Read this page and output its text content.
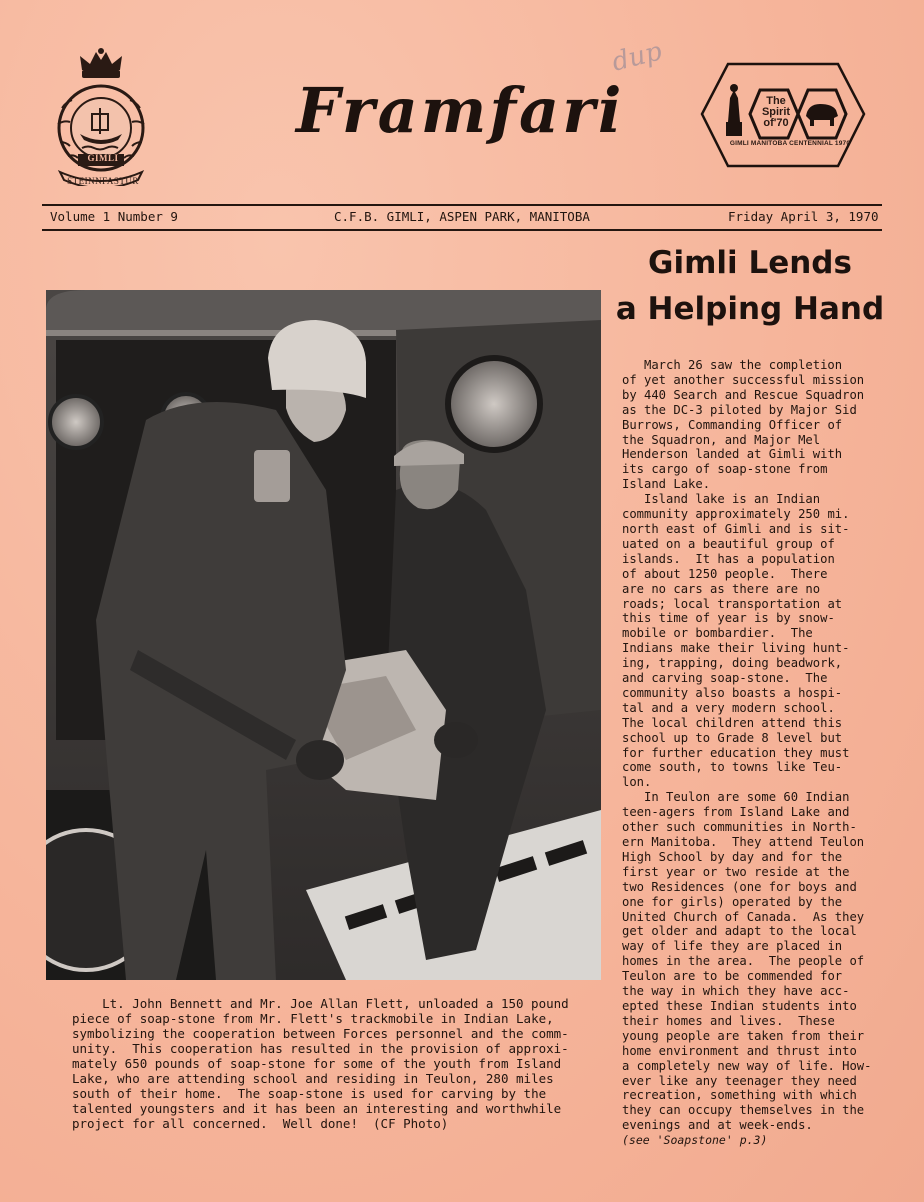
GIMLI
STEINNFASTUR
Framfari
dup
The
Spirit
of'70
GIMLI MANITOBA CENTENNIAL 1970
Volume 1 Number 9	C.F.B. GIMLI, ASPEN PARK, MANITOBA	Friday April 3, 1970
Gimli Lends
a Helping Hand
Lt. John Bennett and Mr. Joe Allan Flett, unloaded a 150 pound
piece of soap-stone from Mr. Flett's trackmobile in Indian Lake,
symbolizing the cooperation between Forces personnel and the comm-
unity.  This cooperation has resulted in the provision of approxi-
mately 650 pounds of soap-stone for some of the youth from Island
Lake, who are attending school and residing in Teulon, 280 miles
south of their home.  The soap-stone is used for carving by the
talented youngsters and it has been an interesting and worthwhile
project for all concerned.  Well done!  (CF Photo)

March 26 saw the completion
of yet another successful mission
by 440 Search and Rescue Squadron
as the DC-3 piloted by Major Sid
Burrows, Commanding Officer of
the Squadron, and Major Mel
Henderson landed at Gimli with
its cargo of soap-stone from
Island Lake.

Island lake is an Indian
community approximately 250 mi.
north east of Gimli and is sit-
uated on a beautiful group of
islands.  It has a population
of about 1250 people.  There
are no cars as there are no
roads; local transportation at
this time of year is by snow-
mobile or bombardier.  The
Indians make their living hunt-
ing, trapping, doing beadwork,
and carving soap-stone.  The
community also boasts a hospi-
tal and a very modern school.
The local children attend this
school up to Grade 8 level but
for further education they must
come south, to towns like Teu-
lon.

In Teulon are some 60 Indian
teen-agers from Island Lake and
other such communities in North-
ern Manitoba.  They attend Teulon
High School by day and for the
first year or two reside at the
two Residences (one for boys and
one for girls) operated by the
United Church of Canada.  As they
get older and adapt to the local
way of life they are placed in
homes in the area.  The people of
Teulon are to be commended for
the way in which they have acc-
epted these Indian students into
their homes and lives.  These
young people are taken from their
home environment and thrust into
a completely new way of life. How-
ever like any teenager they need
recreation, something with which
they can occupy themselves in the
evenings and at week-ends.

(see 'Soapstone' p.3)
